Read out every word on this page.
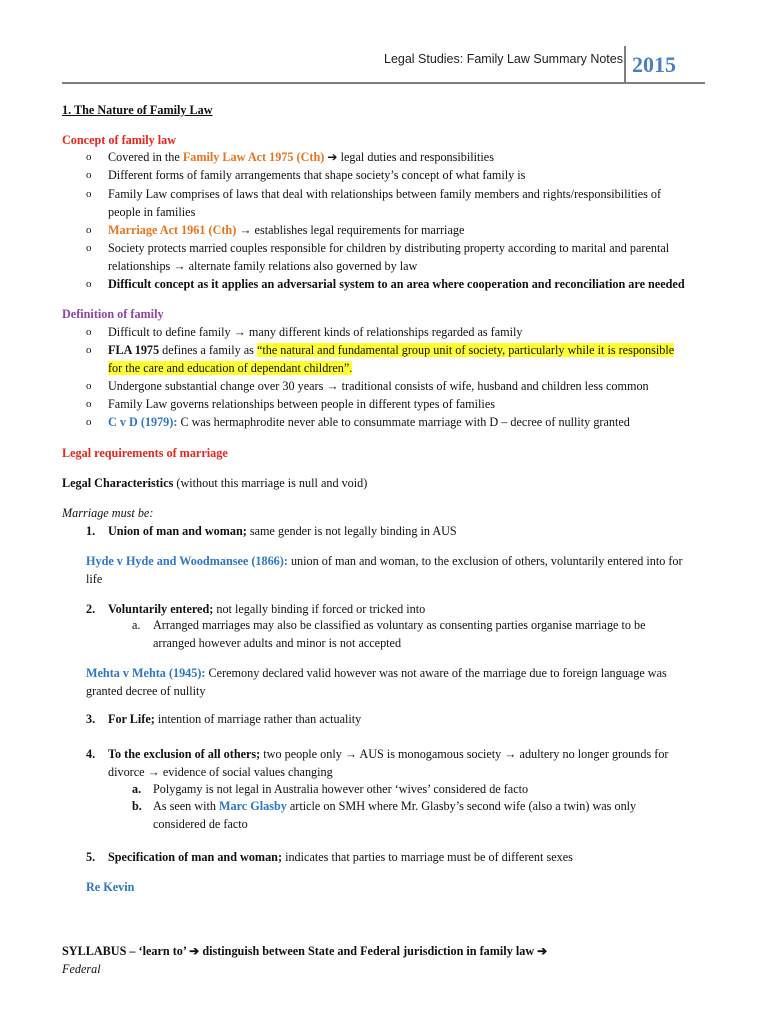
Legal Studies: Family Law Summary Notes 2015
1. The Nature of Family Law
Concept of family law
o	Covered in the Family Law Act 1975 (Cth) ➔ legal duties and responsibilities
o	Different forms of family arrangements that shape society’s concept of what family is
o	Family Law comprises of laws that deal with relationships between family members and rights/responsibilities of
people in families
o	Marriage Act 1961 (Cth) → establishes legal requirements for marriage
o	Society protects married couples responsible for children by distributing property according to marital and parental
relationships → alternate family relations also governed by law
o	Difficult concept as it applies an adversarial system to an area where cooperation and reconciliation are needed
Definition of family
o	Difficult to define family → many different kinds of relationships regarded as family
o	FLA 1975 defines a family as “the natural and fundamental group unit of society, particularly while it is responsible
for the care and education of dependant children”.
o	Undergone substantial change over 30 years → traditional consists of wife, husband and children less common
o	Family Law governs relationships between people in different types of families
o	C v D (1979): C was hermaphrodite never able to consummate marriage with D – decree of nullity granted
Legal requirements of marriage
Legal Characteristics (without this marriage is null and void)
Marriage must be:
1.	Union of man and woman; same gender is not legally binding in AUS
Hyde v Hyde and Woodmansee (1866): union of man and woman, to the exclusion of others, voluntarily entered into for
life
2.	Voluntarily entered; not legally binding if forced or tricked into
a.	Arranged marriages may also be classified as voluntary as consenting parties organise marriage to be
arranged however adults and minor is not accepted
Mehta v Mehta (1945): Ceremony declared valid however was not aware of the marriage due to foreign language was
granted decree of nullity
3.	For Life; intention of marriage rather than actuality
4.	To the exclusion of all others; two people only → AUS is monogamous society → adultery no longer grounds for
divorce → evidence of social values changing
a. Polygamy is not legal in Australia however other ‘wives’ considered de facto
b. As seen with Marc Glasby article on SMH where Mr. Glasby’s second wife (also a twin) was only
considered de facto
5.	Specification of man and woman; indicates that parties to marriage must be of different sexes
Re Kevin
SYLLABUS – ‘learn to’ ➔ distinguish between State and Federal jurisdiction in family law ➔
Federal
